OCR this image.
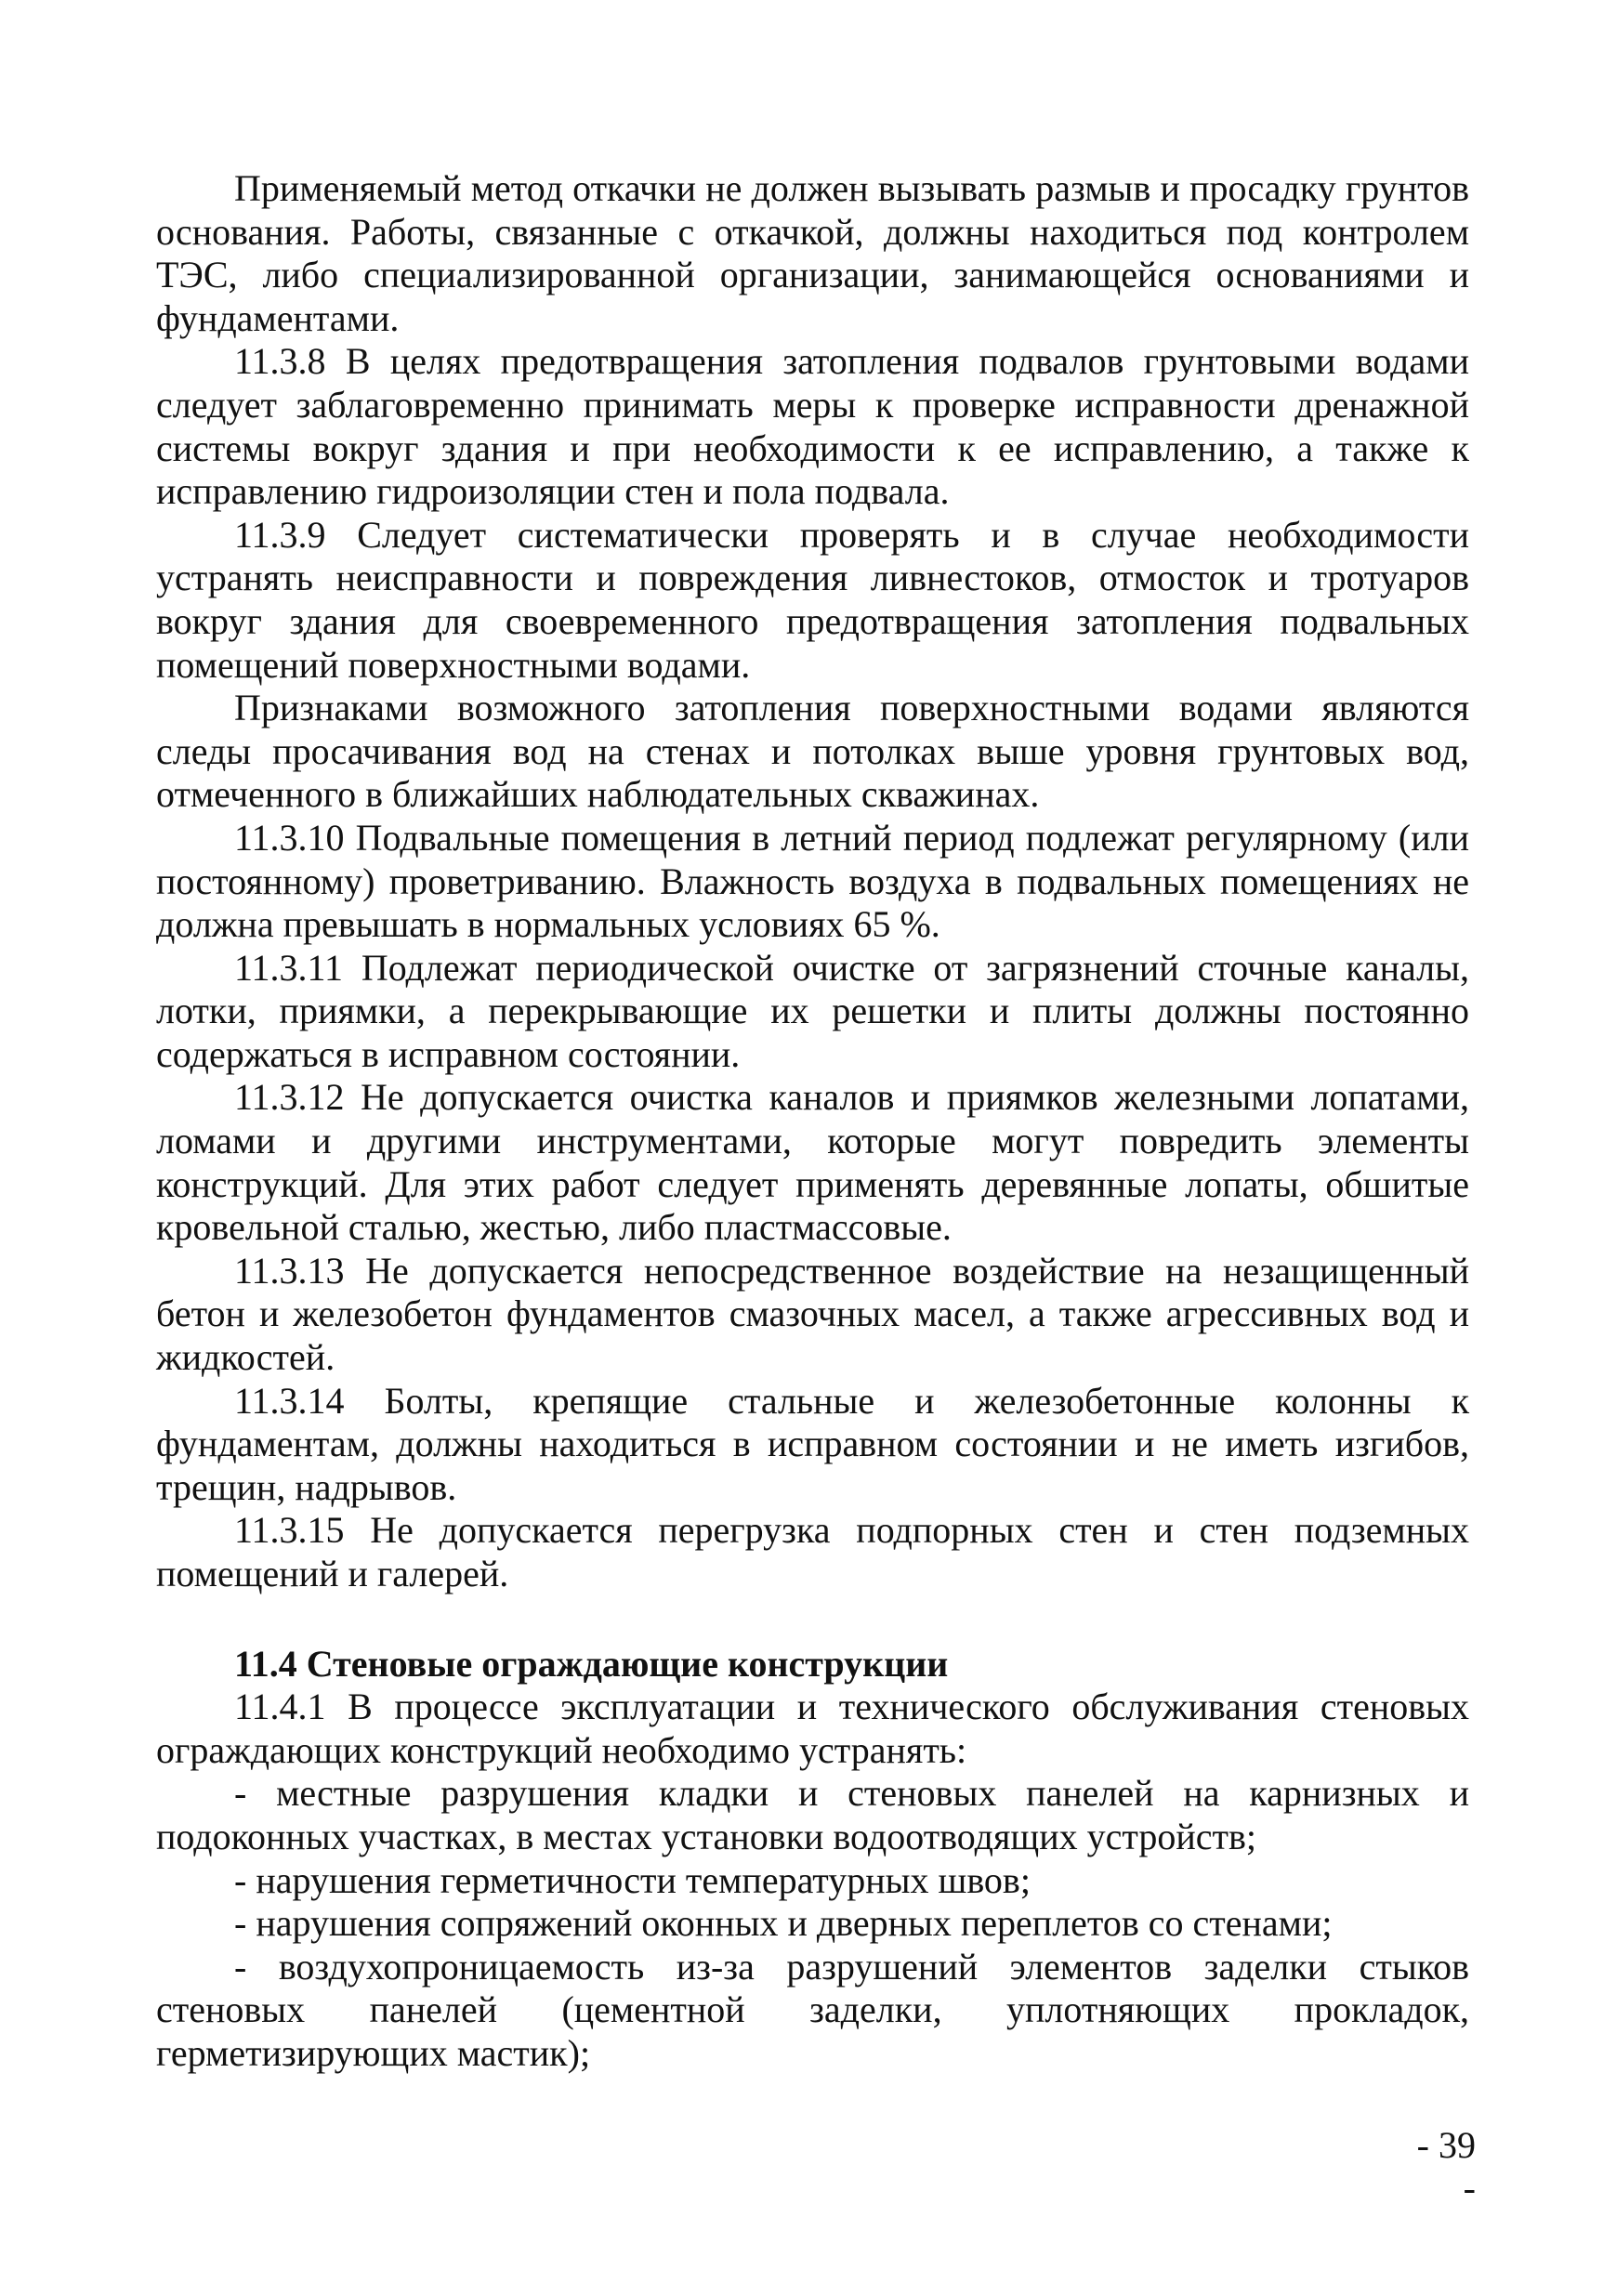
Применяемый метод откачки не должен вызывать размыв и просадку грунтов основания. Работы, связанные с откачкой, должны находиться под контролем ТЭС, либо специализированной организации, занимающейся основаниями и фундаментами.

11.3.8 В целях предотвращения затопления подвалов грунтовыми водами следует заблаговременно принимать меры к проверке исправности дренажной системы вокруг здания и при необходимости к ее исправлению, а также к исправлению гидроизоляции стен и пола подвала.

11.3.9 Следует систематически проверять и в случае необходимости устранять неисправности и повреждения ливнестоков, отмосток и тротуаров вокруг здания для своевременного предотвращения затопления подвальных помещений поверхностными водами.

Признаками возможного затопления поверхностными водами являются следы просачивания вод на стенах и потолках выше уровня грунтовых вод, отмеченного в ближайших наблюдательных скважинах.

11.3.10 Подвальные помещения в летний период подлежат регулярному (или постоянному) проветриванию. Влажность воздуха в подвальных помещениях не должна превышать в нормальных условиях 65 %.

11.3.11 Подлежат периодической очистке от загрязнений сточные каналы, лотки, приямки, а перекрывающие их решетки и плиты должны постоянно содержаться в исправном состоянии.

11.3.12 Не допускается очистка каналов и приямков железными лопатами, ломами и другими инструментами, которые могут повредить элементы конструкций. Для этих работ следует применять деревянные лопаты, обшитые кровельной сталью, жестью, либо пластмассовые.

11.3.13 Не допускается непосредственное воздействие на незащищенный бетон и железобетон фундаментов смазочных масел, а также агрессивных вод и жидкостей.

11.3.14 Болты, крепящие стальные и железобетонные колонны к фундаментам, должны находиться в исправном состоянии и не иметь изгибов, трещин, надрывов.

11.3.15 Не допускается перегрузка подпорных стен и стен подземных помещений и галерей.

11.4 Стеновые ограждающие конструкции

11.4.1 В процессе эксплуатации и технического обслуживания стеновых ограждающих конструкций необходимо устранять:

- местные разрушения кладки и стеновых панелей на карнизных и подоконных участках, в местах установки водоотводящих устройств;

- нарушения герметичности температурных швов;

- нарушения сопряжений оконных и дверных переплетов со стенами;

- воздухопроницаемость из-за разрушений элементов заделки стыков стеновых панелей (цементной заделки, уплотняющих прокладок, герметизирующих мастик);

- 39 -
